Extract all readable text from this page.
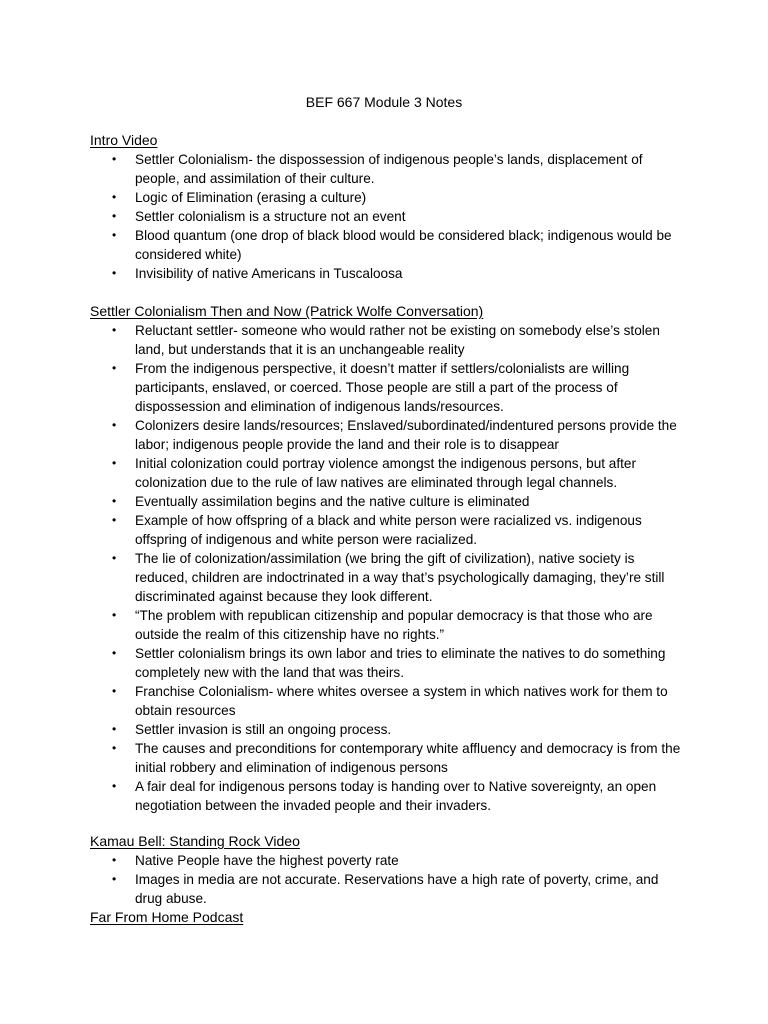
BEF 667 Module 3 Notes
Intro Video
• Settler Colonialism- the dispossession of indigenous people’s lands, displacement of people, and assimilation of their culture.
• Logic of Elimination (erasing a culture)
• Settler colonialism is a structure not an event
• Blood quantum (one drop of black blood would be considered black; indigenous would be considered white)
• Invisibility of native Americans in Tuscaloosa
Settler Colonialism Then and Now (Patrick Wolfe Conversation)
• Reluctant settler- someone who would rather not be existing on somebody else’s stolen land, but understands that it is an unchangeable reality
• From the indigenous perspective, it doesn’t matter if settlers/colonialists are willing participants, enslaved, or coerced. Those people are still a part of the process of dispossession and elimination of indigenous lands/resources.
• Colonizers desire lands/resources; Enslaved/subordinated/indentured persons provide the labor; indigenous people provide the land and their role is to disappear
• Initial colonization could portray violence amongst the indigenous persons, but after colonization due to the rule of law natives are eliminated through legal channels.
• Eventually assimilation begins and the native culture is eliminated
• Example of how offspring of a black and white person were racialized vs. indigenous offspring of indigenous and white person were racialized.
• The lie of colonization/assimilation (we bring the gift of civilization), native society is reduced, children are indoctrinated in a way that’s psychologically damaging, they’re still discriminated against because they look different.
• “The problem with republican citizenship and popular democracy is that those who are outside the realm of this citizenship have no rights.”
• Settler colonialism brings its own labor and tries to eliminate the natives to do something completely new with the land that was theirs.
• Franchise Colonialism- where whites oversee a system in which natives work for them to obtain resources
• Settler invasion is still an ongoing process.
• The causes and preconditions for contemporary white affluency and democracy is from the initial robbery and elimination of indigenous persons
• A fair deal for indigenous persons today is handing over to Native sovereignty, an open negotiation between the invaded people and their invaders.
Kamau Bell: Standing Rock Video
• Native People have the highest poverty rate
• Images in media are not accurate. Reservations have a high rate of poverty, crime, and drug abuse.
Far From Home Podcast
